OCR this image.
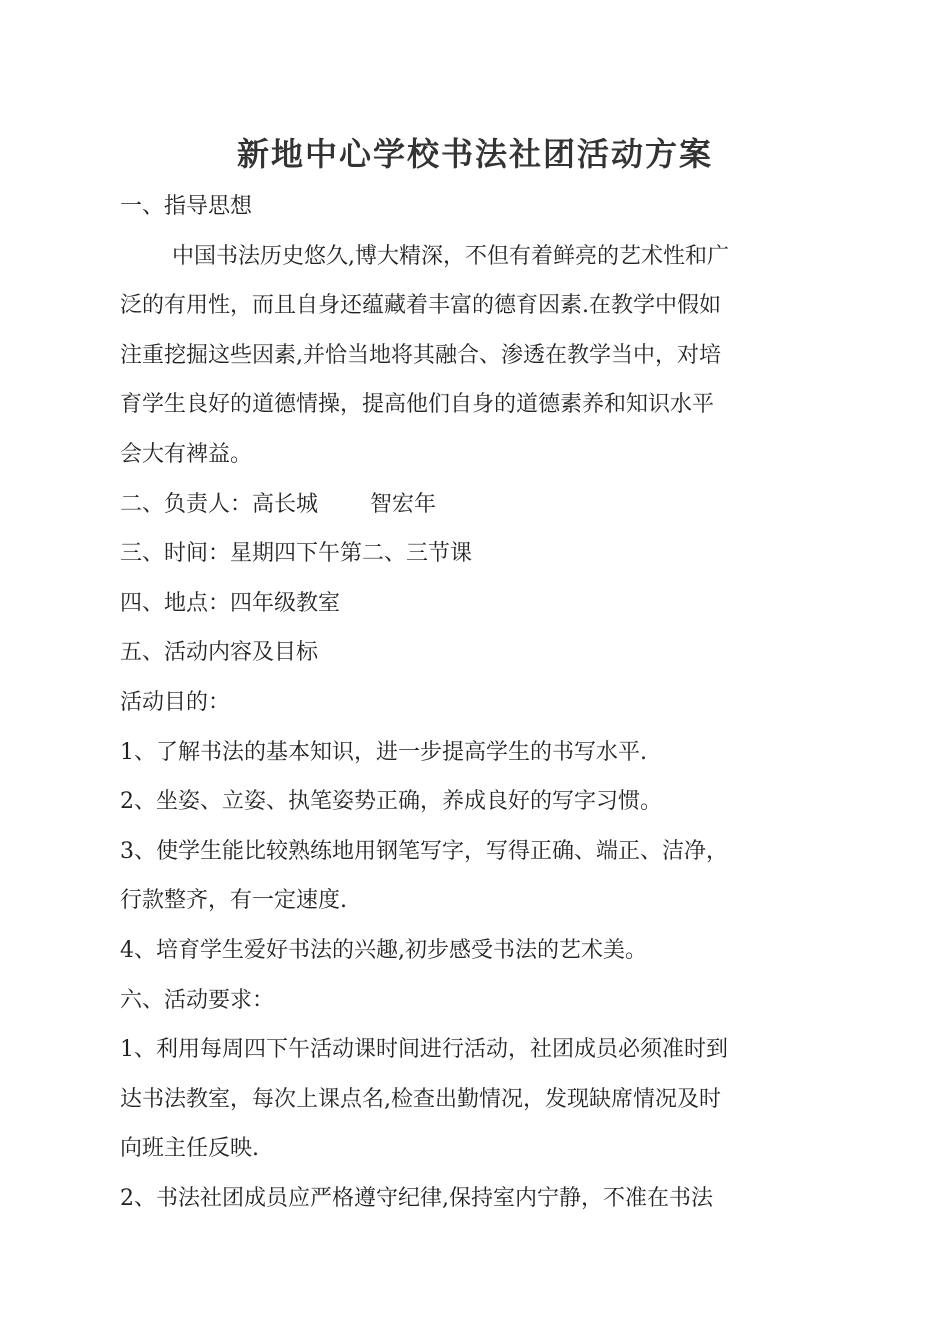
新地中心学校书法社团活动方案
一、指导思想
中国书法历史悠久,博大精深，不但有着鲜亮的艺术性和广
泛的有用性，而且自身还蕴藏着丰富的德育因素.在教学中假如
注重挖掘这些因素,并恰当地将其融合、渗透在教学当中，对培
育学生良好的道德情操，提高他们自身的道德素养和知识水平
会大有裨益。
二、负责人：高长城 智宏年
三、时间：星期四下午第二、三节课
四、地点：四年级教室
五、活动内容及目标
活动目的：
1、了解书法的基本知识，进一步提高学生的书写水平.
2、坐姿、立姿、执笔姿势正确，养成良好的写字习惯。
3、使学生能比较熟练地用钢笔写字，写得正确、端正、洁净，
行款整齐，有一定速度.
4、培育学生爱好书法的兴趣,初步感受书法的艺术美。
六、活动要求：
1、利用每周四下午活动课时间进行活动，社团成员必须准时到
达书法教室，每次上课点名,检查出勤情况，发现缺席情况及时
向班主任反映.
2、书法社团成员应严格遵守纪律,保持室内宁静，不准在书法
